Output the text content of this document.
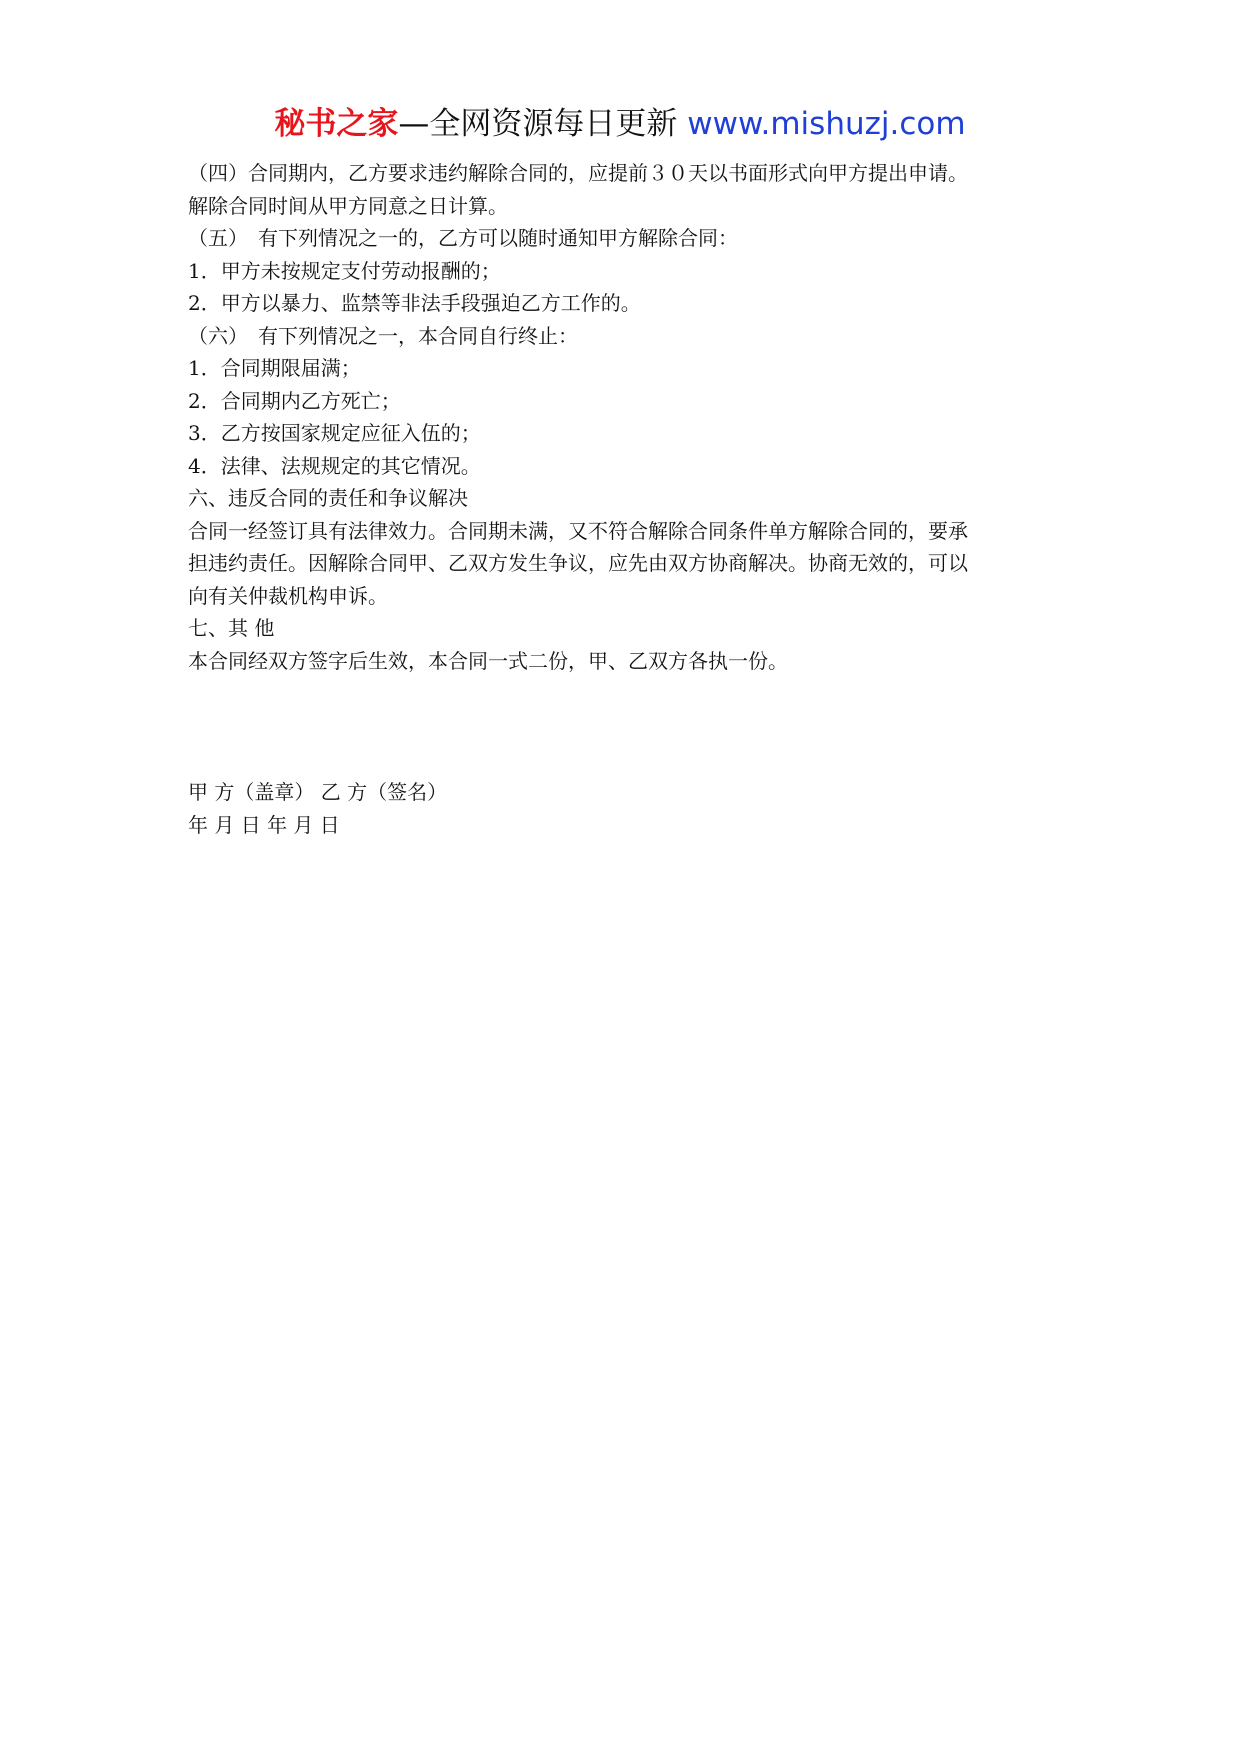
秘书之家—全网资源每日更新 www.mishuzj.com

（四）合同期内，乙方要求违约解除合同的，应提前３０天以书面形式向甲方提出申请。

解除合同时间从甲方同意之日计算。

（五）　有下列情况之一的，乙方可以随时通知甲方解除合同：

1．甲方未按规定支付劳动报酬的；

2．甲方以暴力、监禁等非法手段强迫乙方工作的。

（六）　有下列情况之一，本合同自行终止：

1．合同期限届满；

2．合同期内乙方死亡；

3．乙方按国家规定应征入伍的；

4．法律、法规规定的其它情况。

六、违反合同的责任和争议解决

合同一经签订具有法律效力。合同期未满，又不符合解除合同条件单方解除合同的，要承

担违约责任。因解除合同甲、乙双方发生争议，应先由双方协商解决。协商无效的，可以

向有关仲裁机构申诉。

七、其 他

本合同经双方签字后生效，本合同一式二份，甲、乙双方各执一份。

甲 方（盖章） 乙 方（签名）

年 月 日 年 月 日
